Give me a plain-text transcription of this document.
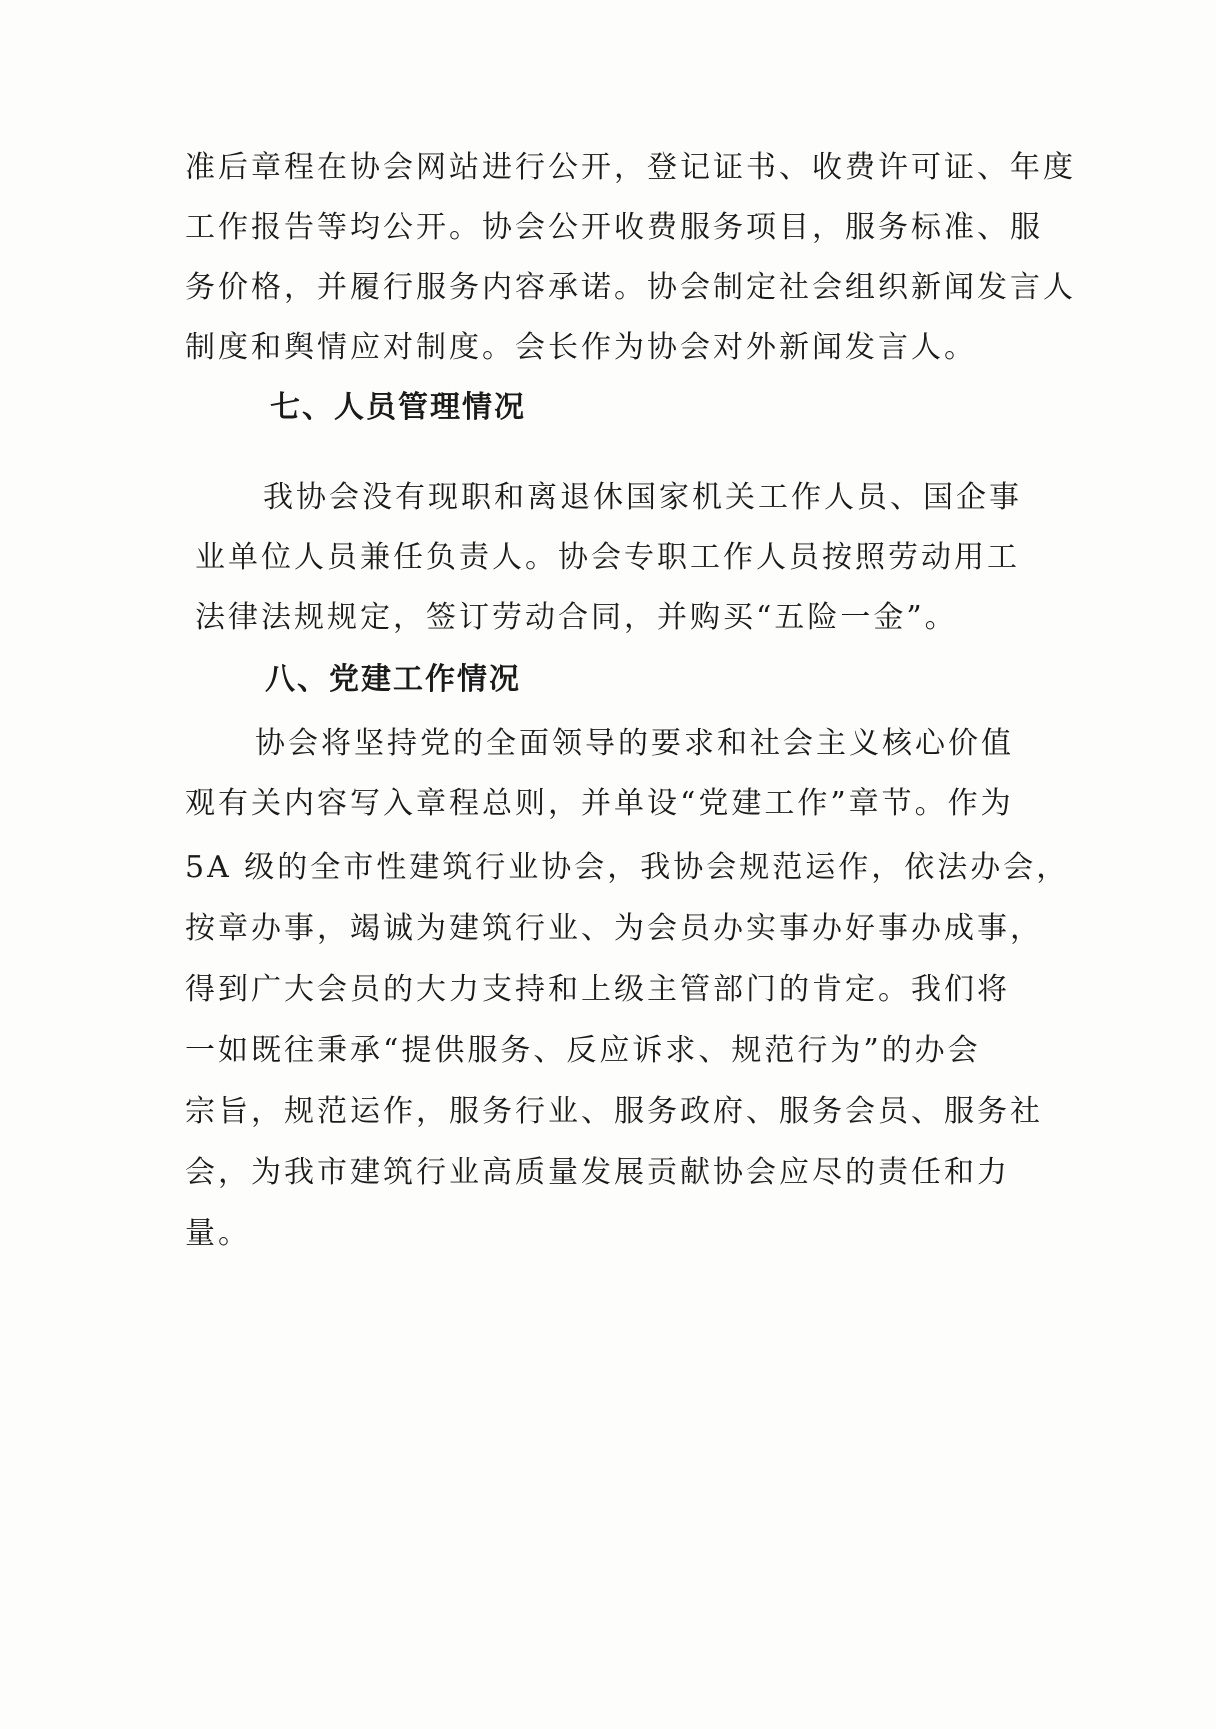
准后章程在协会网站进行公开，登记证书、收费许可证、年度
工作报告等均公开。协会公开收费服务项目，服务标准、服
务价格，并履行服务内容承诺。协会制定社会组织新闻发言人
制度和舆情应对制度。会长作为协会对外新闻发言人。
七、人员管理情况
我协会没有现职和离退休国家机关工作人员、国企事
业单位人员兼任负责人。协会专职工作人员按照劳动用工
法律法规规定，签订劳动合同，并购买“五险一金”。
八、党建工作情况
协会将坚持党的全面领导的要求和社会主义核心价值
观有关内容写入章程总则，并单设“党建工作”章节。作为
5A 级的全市性建筑行业协会，我协会规范运作，依法办会，
按章办事，竭诚为建筑行业、为会员办实事办好事办成事，
得到广大会员的大力支持和上级主管部门的肯定。我们将
一如既往秉承“提供服务、反应诉求、规范行为”的办会
宗旨，规范运作，服务行业、服务政府、服务会员、服务社
会，为我市建筑行业高质量发展贡献协会应尽的责任和力
量。
